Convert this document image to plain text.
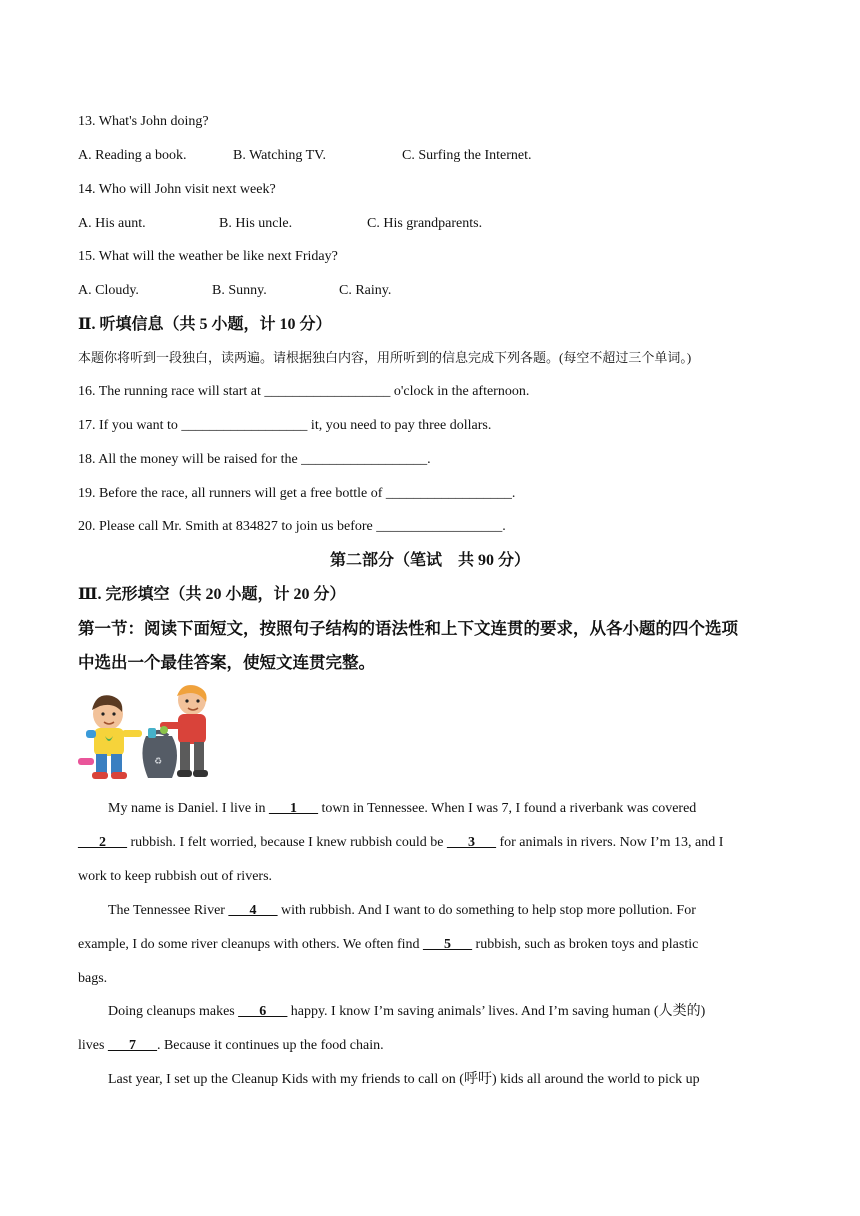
13. What's John doing?
A. Reading a book.	B. Watching TV.	C. Surfing the Internet.
14. Who will John visit next week?
A. His aunt.	B. His uncle.	C. His grandparents.
15. What will the weather be like next Friday?
A. Cloudy.	B. Sunny.	C. Rainy.
Ⅱ. 听填信息（共 5 小题，计 10 分）
本题你将听到一段独白，读两遍。请根据独白内容，用所听到的信息完成下列各题。(每空不超过三个单词。)
16. The running race will start at __________________ o'clock in the afternoon.
17. If you want to __________________ it, you need to pay three dollars.
18. All the money will be raised for the __________________.
19. Before the race, all runners will get a free bottle of __________________.
20. Please call Mr. Smith at 834827 to join us before __________________.
第二部分（笔试　共 90 分）
Ⅲ. 完形填空（共 20 小题，计 20 分）
第一节：阅读下面短文，按照句子结构的语法性和上下文连贯的要求，从各小题的四个选项
中选出一个最佳答案，使短文连贯完整。
♻
My name is Daniel. I live in ___1___ town in Tennessee. When I was 7, I found a riverbank was covered
___2___ rubbish. I felt worried, because I knew rubbish could be ___3___ for animals in rivers. Now I’m 13, and I
work to keep rubbish out of rivers.
The Tennessee River ___4___ with rubbish. And I want to do something to help stop more pollution. For
example, I do some river cleanups with others. We often find ___5___ rubbish, such as broken toys and plastic
bags.
Doing cleanups makes ___6___ happy. I know I’m saving animals’ lives. And I’m saving human (人类的)
lives ___7___. Because it continues up the food chain.
Last year, I set up the Cleanup Kids with my friends to call on (呼吁) kids all around the world to pick up
